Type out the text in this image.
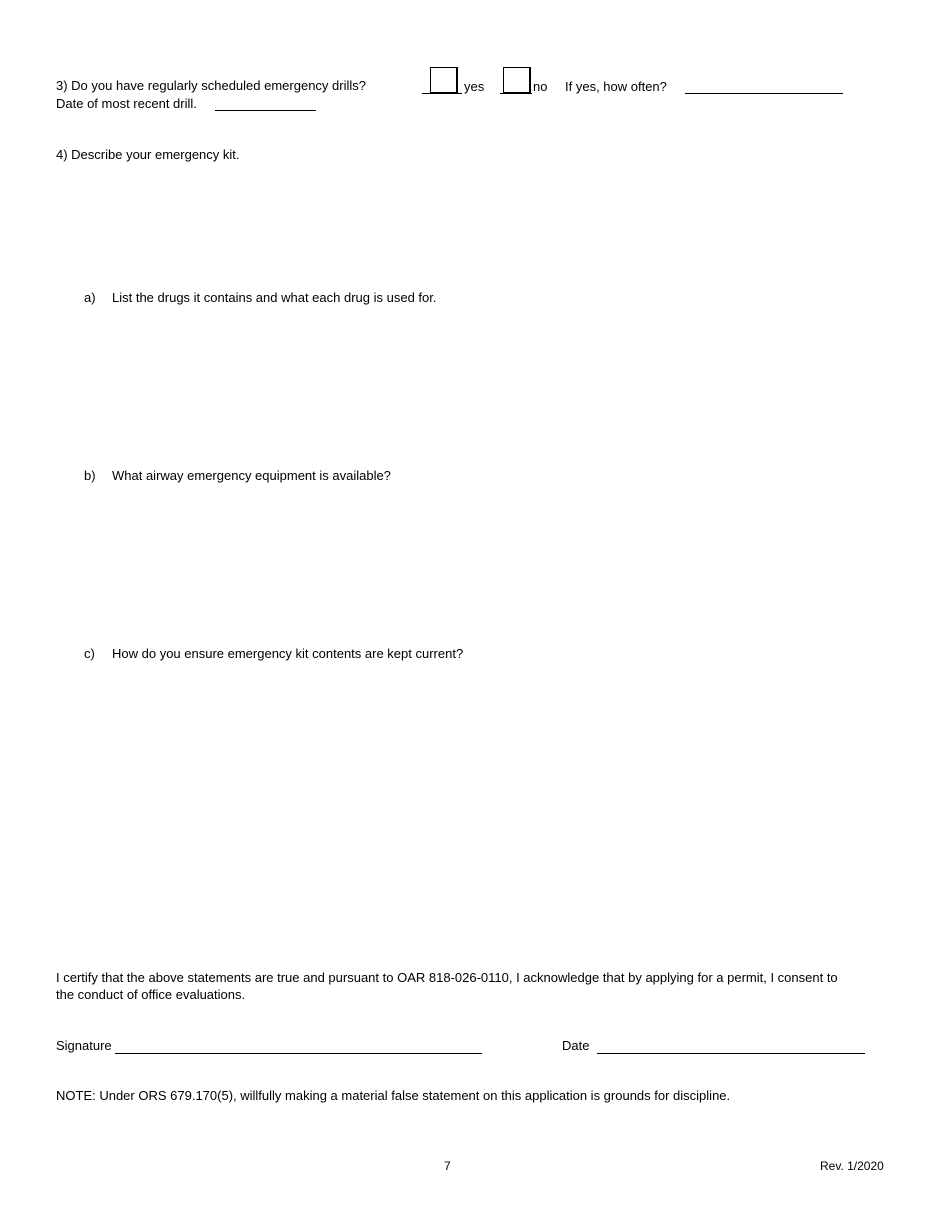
3) Do you have regularly scheduled emergency drills?	yes	no If yes, how often?
Date of most recent drill.
4) Describe your emergency kit.
a) List the drugs it contains and what each drug is used for.
b) What airway emergency equipment is available?
c) How do you ensure emergency kit contents are kept current?
I certify that the above statements are true and pursuant to OAR 818-026-0110, I acknowledge that by applying for a permit, I consent to the conduct of office evaluations.
Signature	Date
NOTE: Under ORS 679.170(5), willfully making a material false statement on this application is grounds for discipline.
7	Rev. 1/2020
